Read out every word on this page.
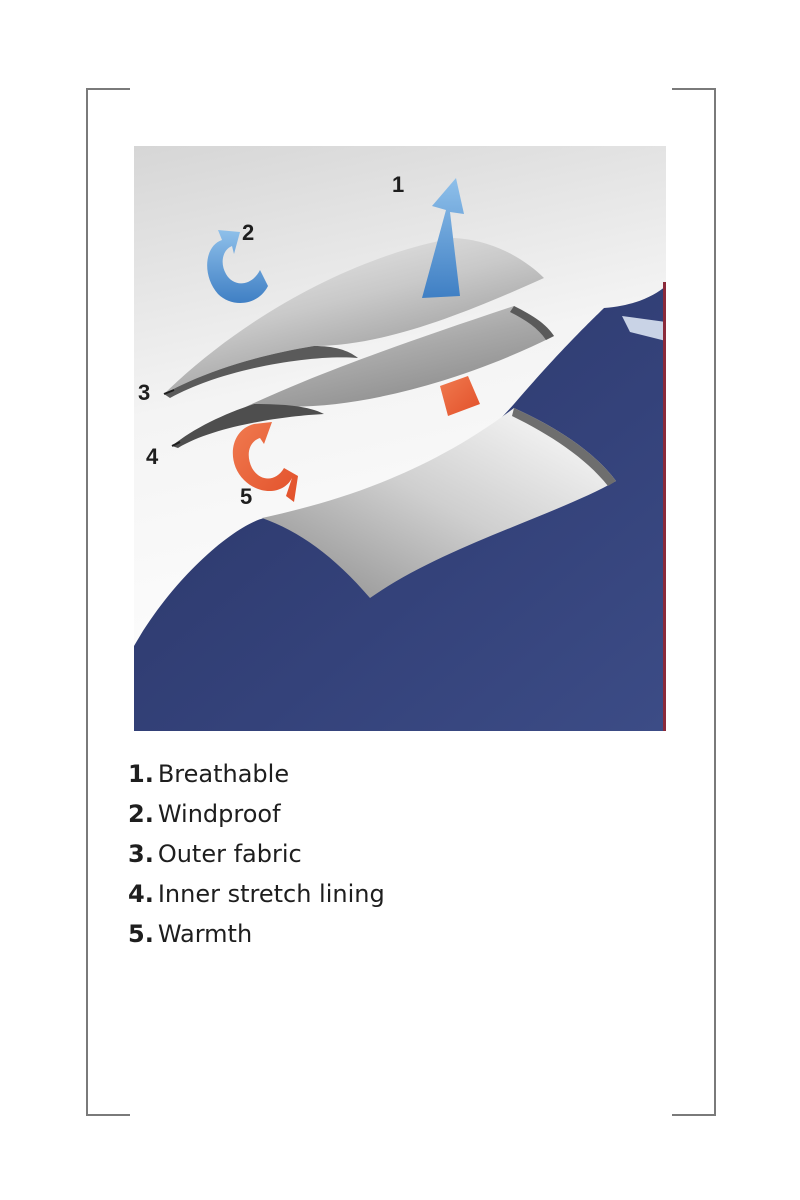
1
2
3
4
5
1. Breathable
2. Windproof
3. Outer fabric
4. Inner stretch lining
5. Warmth
